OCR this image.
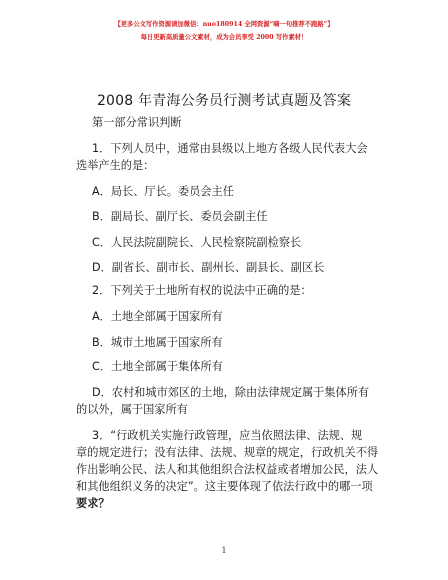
【更多公文写作资源请加微信：nuo180914 全网资源“嘀一句推荐不跑路”】
每日更新高质量公文素材，成为会员享受 2000 写作素材！
2008 年青海公务员行测考试真题及答案
第一部分常识判断
1．下列人员中，通常由县级以上地方各级人民代表大会
选举产生的是：
A．局长、厅长。委员会主任
B．副局长、副厅长、委员会副主任
C．人民法院副院长、人民检察院副检察长
D．副省长、副市长、副州长、副县长、副区长
2．下列关于土地所有权的说法中正确的是：
A．土地全部属于国家所有
B．城市土地属于国家所有
C．土地全部属于集体所有
D．农村和城市郊区的土地，除由法律规定属于集体所有
的以外，属于国家所有
3．“行政机关实施行政管理，应当依照法律、法规、规
章的规定进行；没有法律、法规、规章的规定，行政机关不得
作出影响公民、法人和其他组织合法权益或者增加公民，法人
和其他组织义务的决定”。这主要体现了依法行政中的哪一项
要求？
1
